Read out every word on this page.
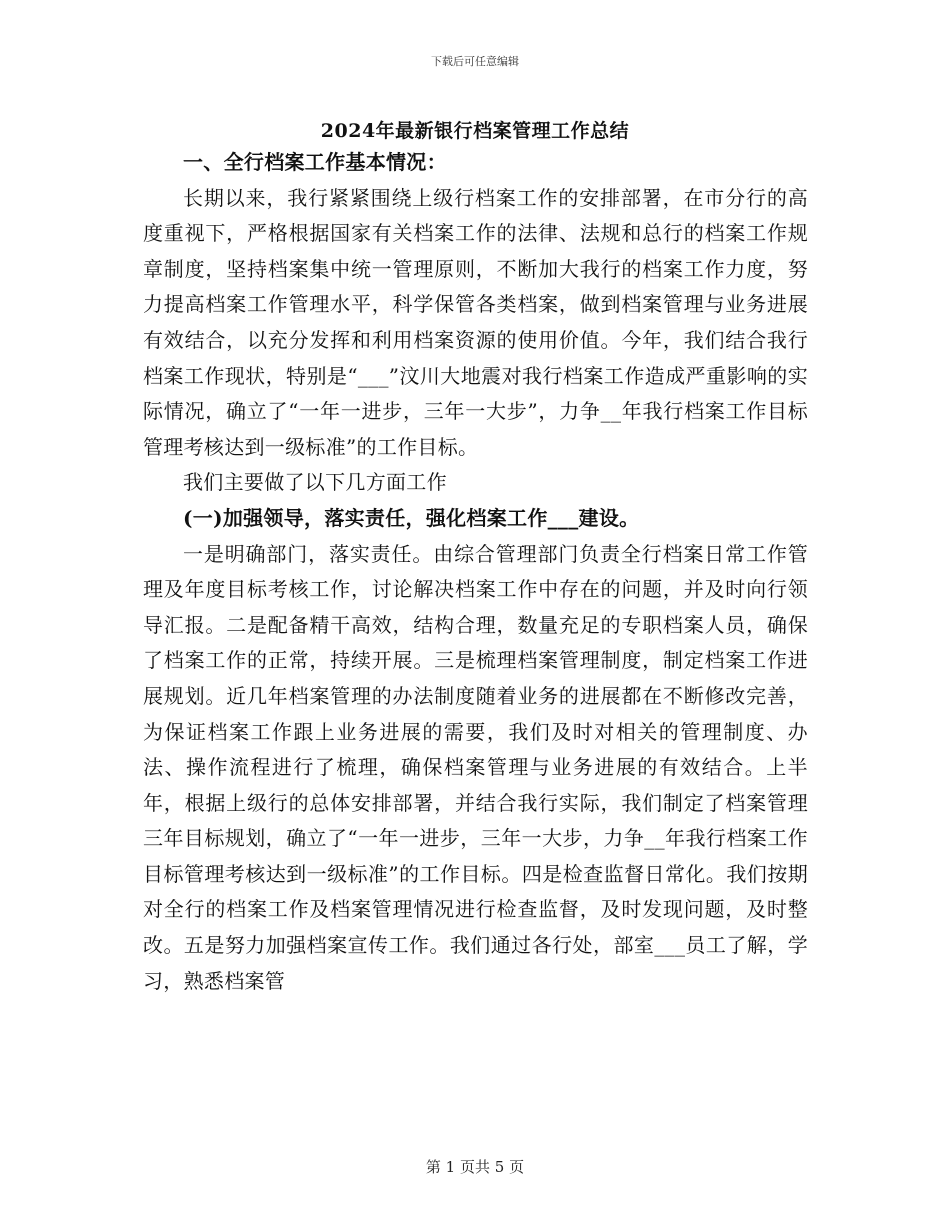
下载后可任意编辑
2024年最新银行档案管理工作总结

一、全行档案工作基本情况：

长期以来，我行紧紧围绕上级行档案工作的安排部署，在市分行的高度重视下，严格根据国家有关档案工作的法律、法规和总行的档案工作规章制度，坚持档案集中统一管理原则，不断加大我行的档案工作力度，努力提高档案工作管理水平，科学保管各类档案，做到档案管理与业务进展有效结合，以充分发挥和利用档案资源的使用价值。今年，我们结合我行档案工作现状，特别是“___”汶川大地震对我行档案工作造成严重影响的实际情况，确立了“一年一进步，三年一大步”，力争__年我行档案工作目标管理考核达到一级标准”的工作目标。

我们主要做了以下几方面工作

(一)加强领导，落实责任，强化档案工作___建设。

一是明确部门，落实责任。由综合管理部门负责全行档案日常工作管理及年度目标考核工作，讨论解决档案工作中存在的问题，并及时向行领导汇报。二是配备精干高效，结构合理，数量充足的专职档案人员，确保了档案工作的正常，持续开展。三是梳理档案管理制度，制定档案工作进展规划。近几年档案管理的办法制度随着业务的进展都在不断修改完善，为保证档案工作跟上业务进展的需要，我们及时对相关的管理制度、办法、操作流程进行了梳理，确保档案管理与业务进展的有效结合。上半年，根据上级行的总体安排部署，并结合我行实际，我们制定了档案管理三年目标规划，确立了“一年一进步，三年一大步，力争__年我行档案工作目标管理考核达到一级标准”的工作目标。四是检查监督日常化。我们按期对全行的档案工作及档案管理情况进行检查监督，及时发现问题，及时整改。五是努力加强档案宣传工作。我们通过各行处，部室___员工了解，学习，熟悉档案管

第 1 页共 5 页
